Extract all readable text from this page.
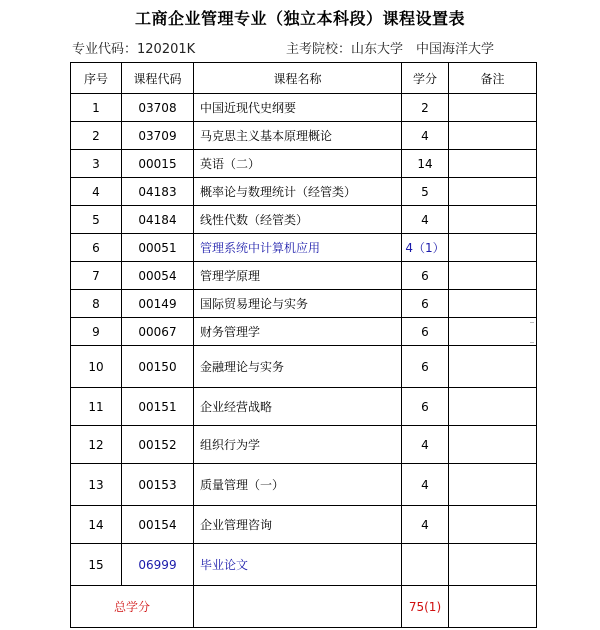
工商企业管理专业（独立本科段）课程设置表
专业代码：120201K	主考院校：山东大学　中国海洋大学
序号	课程代码	课程名称	学分	备注
1	03708	中国近现代史纲要	2	
2	03709	马克思主义基本原理概论	4	
3	00015	英语（二）	14	
4	04183	概率论与数理统计（经管类）	5	
5	04184	线性代数（经管类）	4	
6	00051	管理系统中计算机应用	4（1）	
7	00054	管理学原理	6	
8	00149	国际贸易理论与实务	6	
9	00067	财务管理学	6	
10	00150	金融理论与实务	6	
11	00151	企业经营战略	6	
12	00152	组织行为学	4	
13	00153	质量管理（一）	4	
14	00154	企业管理咨询	4	
15	06999	毕业论文		
总学分			75(1)	
